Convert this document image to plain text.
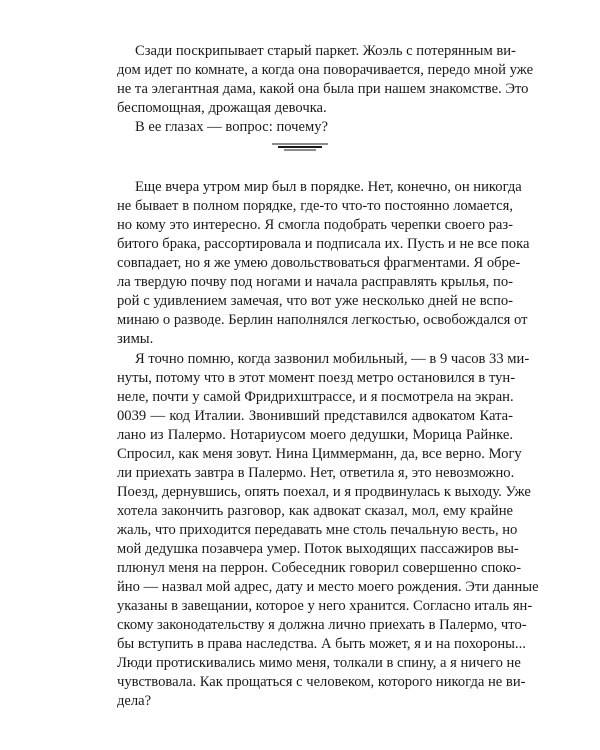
Сзади поскрипывает старый паркет. Жоэль с потерянным ви-
дом идет по комнате, а когда она поворачивается, передо мной уже
не та элегантная дама, какой она была при нашем знакомстве. Это
беспомощная, дрожащая девочка.
В ее глазах — вопрос: почему?
Еще вчера утром мир был в порядке. Нет, конечно, он никогда
не бывает в полном порядке, где-то что-то постоянно ломается,
но кому это интересно. Я смогла подобрать черепки своего раз-
битого брака, рассортировала и подписала их. Пусть и не все пока
совпадает, но я же умею довольствоваться фрагментами. Я обре-
ла твердую почву под ногами и начала расправлять крылья, по-
рой с удивлением замечая, что вот уже несколько дней не вспо-
минаю о разводе. Берлин наполнялся легкостью, освобождался от
зимы.
Я точно помню, когда зазвонил мобильный, — в 9 часов 33 ми-
нуты, потому что в этот момент поезд метро остановился в тун-
неле, почти у самой Фридрихштрассе, и я посмотрела на экран.
0039 — код Италии. Звонивший представился адвокатом Ката-
лано из Палермо. Нотариусом моего дедушки, Морица Райнке.
Спросил, как меня зовут. Нина Циммерманн, да, все верно. Могу
ли приехать завтра в Палермо. Нет, ответила я, это невозможно.
Поезд, дернувшись, опять поехал, и я продвинулась к выходу. Уже
хотела закончить разговор, как адвокат сказал, мол, ему крайне
жаль, что приходится передавать мне столь печальную весть, но
мой дедушка позавчера умер. Поток выходящих пассажиров вы-
плюнул меня на перрон. Собеседник говорил совершенно споко-
йно — назвал мой адрес, дату и место моего рождения. Эти данные
указаны в завещании, которое у него хранится. Согласно италь ян-
скому законодательству я должна лично приехать в Палермо, что-
бы вступить в права наследства. А быть может, я и на похороны...
Люди протискивались мимо меня, толкали в спину, а я ничего не
чувствовала. Как прощаться с человеком, которого никогда не ви-
дела?
